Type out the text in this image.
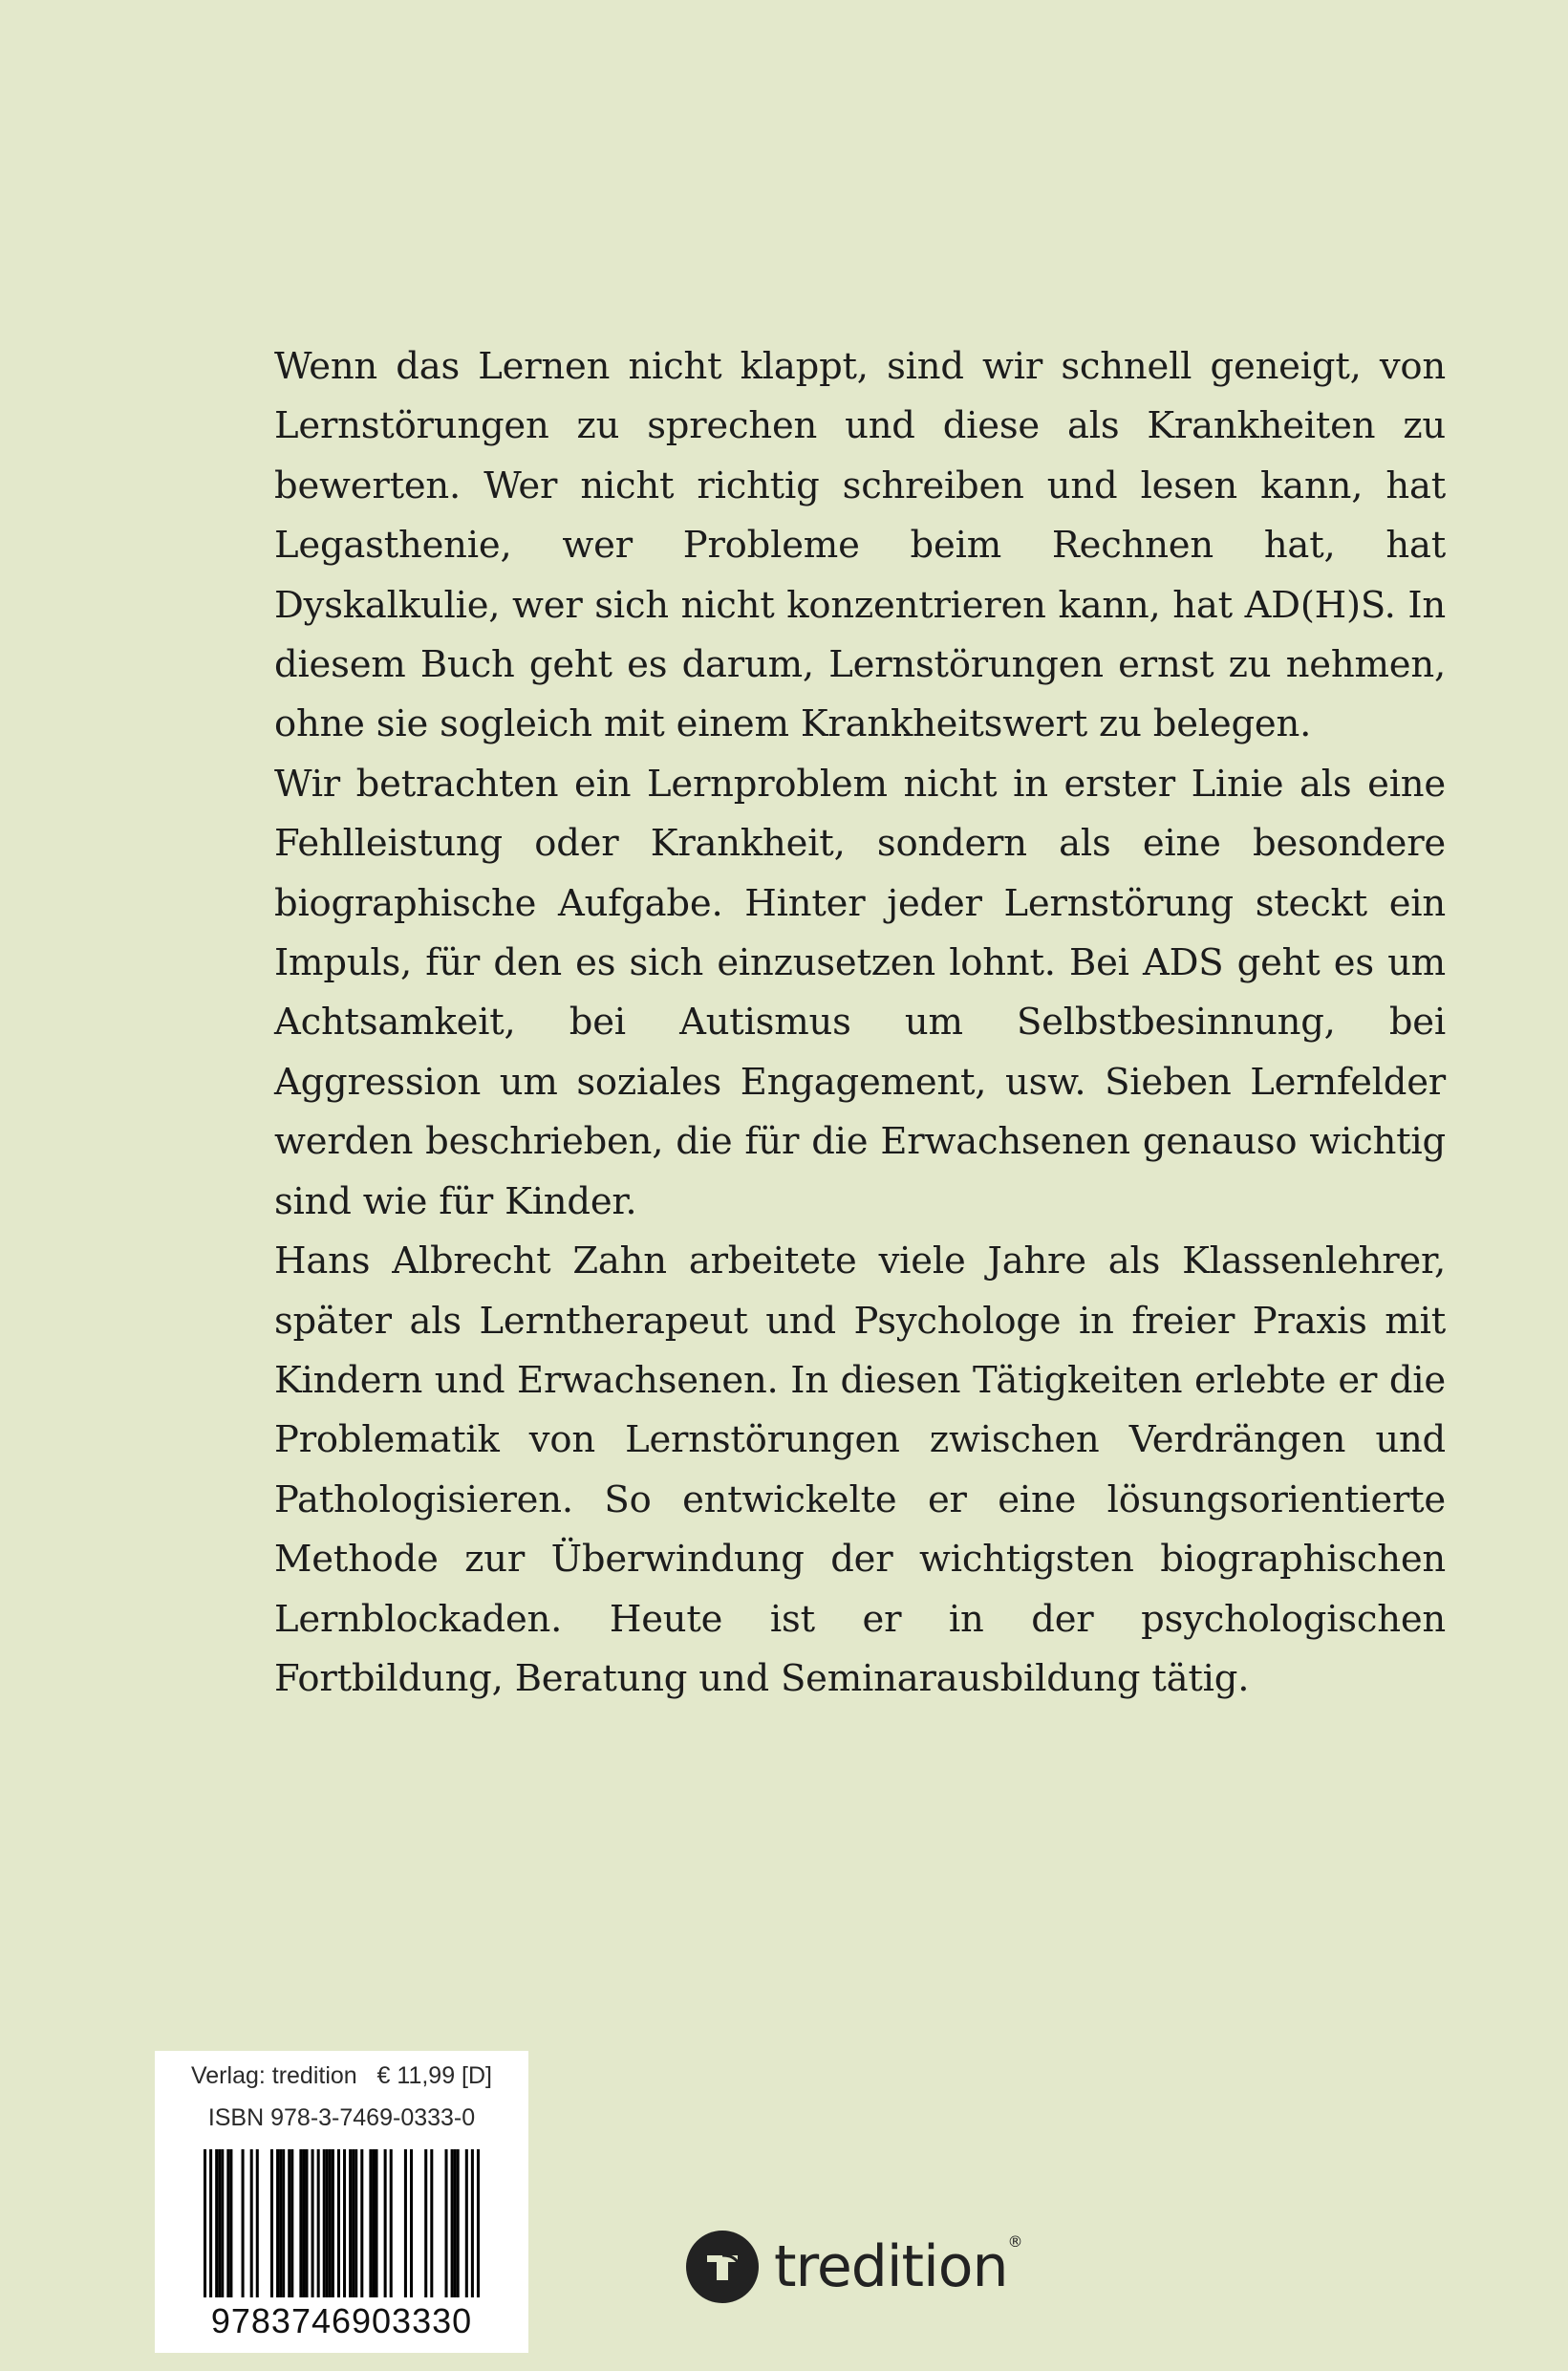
Wenn das Lernen nicht klappt, sind wir schnell geneigt, von Lernstörungen zu sprechen und diese als Krankheiten zu bewerten. Wer nicht richtig schreiben und lesen kann, hat Legasthenie, wer Probleme beim Rechnen hat, hat Dyskalkulie, wer sich nicht konzentrieren kann, hat AD(H)S. In diesem Buch geht es darum, Lernstörungen ernst zu nehmen, ohne sie sogleich mit einem Krankheitswert zu belegen.

Wir betrachten ein Lernproblem nicht in erster Linie als eine Fehlleistung oder Krankheit, sondern als eine besondere biographische Aufgabe. Hinter jeder Lernstörung steckt ein Impuls, für den es sich einzusetzen lohnt. Bei ADS geht es um Achtsamkeit, bei Autismus um Selbstbesinnung, bei Aggression um soziales Engagement, usw. Sieben Lernfelder werden beschrieben, die für die Erwachsenen genauso wichtig sind wie für Kinder.

Hans Albrecht Zahn arbeitete viele Jahre als Klassenlehrer, später als Lerntherapeut und Psychologe in freier Praxis mit Kindern und Erwachsenen. In diesen Tätigkeiten erlebte er die Problematik von Lernstörungen zwischen Verdrängen und Pathologisieren. So entwickelte er eine lösungsorientierte Methode zur Überwindung der wichtigsten biographischen Lernblockaden. Heute ist er in der psychologischen Fortbildung, Beratung und Seminarausbildung tätig.

Verlag: tredition   € 11,99 [D]
ISBN 978-3-7469-0333-0
9783746903330
tredition ®
